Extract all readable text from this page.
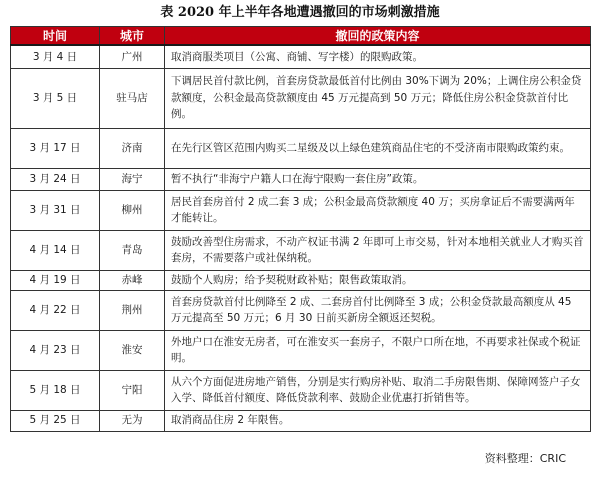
表 2020 年上半年各地遭遇撤回的市场刺激措施
时间	城市	撤回的政策内容
3 月 4 日	广州	取消商服类项目（公寓、商铺、写字楼）的限购政策。
3 月 5 日	驻马店	下调居民首付款比例，首套房贷款最低首付比例由 30%下调为 20%；上调住房公积金贷款额度，公积金最高贷款额度由 45 万元提高到 50 万元；降低住房公积金贷款首付比例。
3 月 17 日	济南	在先行区管区范围内购买二星级及以上绿色建筑商品住宅的不受济南市限购政策约束。
3 月 24 日	海宁	暂不执行“非海宁户籍人口在海宁限购一套住房”政策。
3 月 31 日	柳州	居民首套房首付 2 成二套 3 成；公积金最高贷款额度 40 万；买房拿证后不需要满两年才能转让。
4 月 14 日	青岛	鼓励改善型住房需求，不动产权证书满 2 年即可上市交易，针对本地相关就业人才购买首套房，不需要落户或社保纳税。
4 月 19 日	赤峰	鼓励个人购房；给予契税财政补贴；限售政策取消。
4 月 22 日	荆州	首套房贷款首付比例降至 2 成、二套房首付比例降至 3 成；公积金贷款最高额度从 45 万元提高至 50 万元；6 月 30 日前买新房全额返还契税。
4 月 23 日	淮安	外地户口在淮安无房者，可在淮安买一套房子，不限户口所在地，不再要求社保或个税证明。
5 月 18 日	宁阳	从六个方面促进房地产销售，分别是实行购房补贴、取消二手房限售期、保障网签户子女入学、降低首付额度、降低贷款利率、鼓励企业优惠打折销售等。
5 月 25 日	无为	取消商品住房 2 年限售。
资料整理：CRIC
